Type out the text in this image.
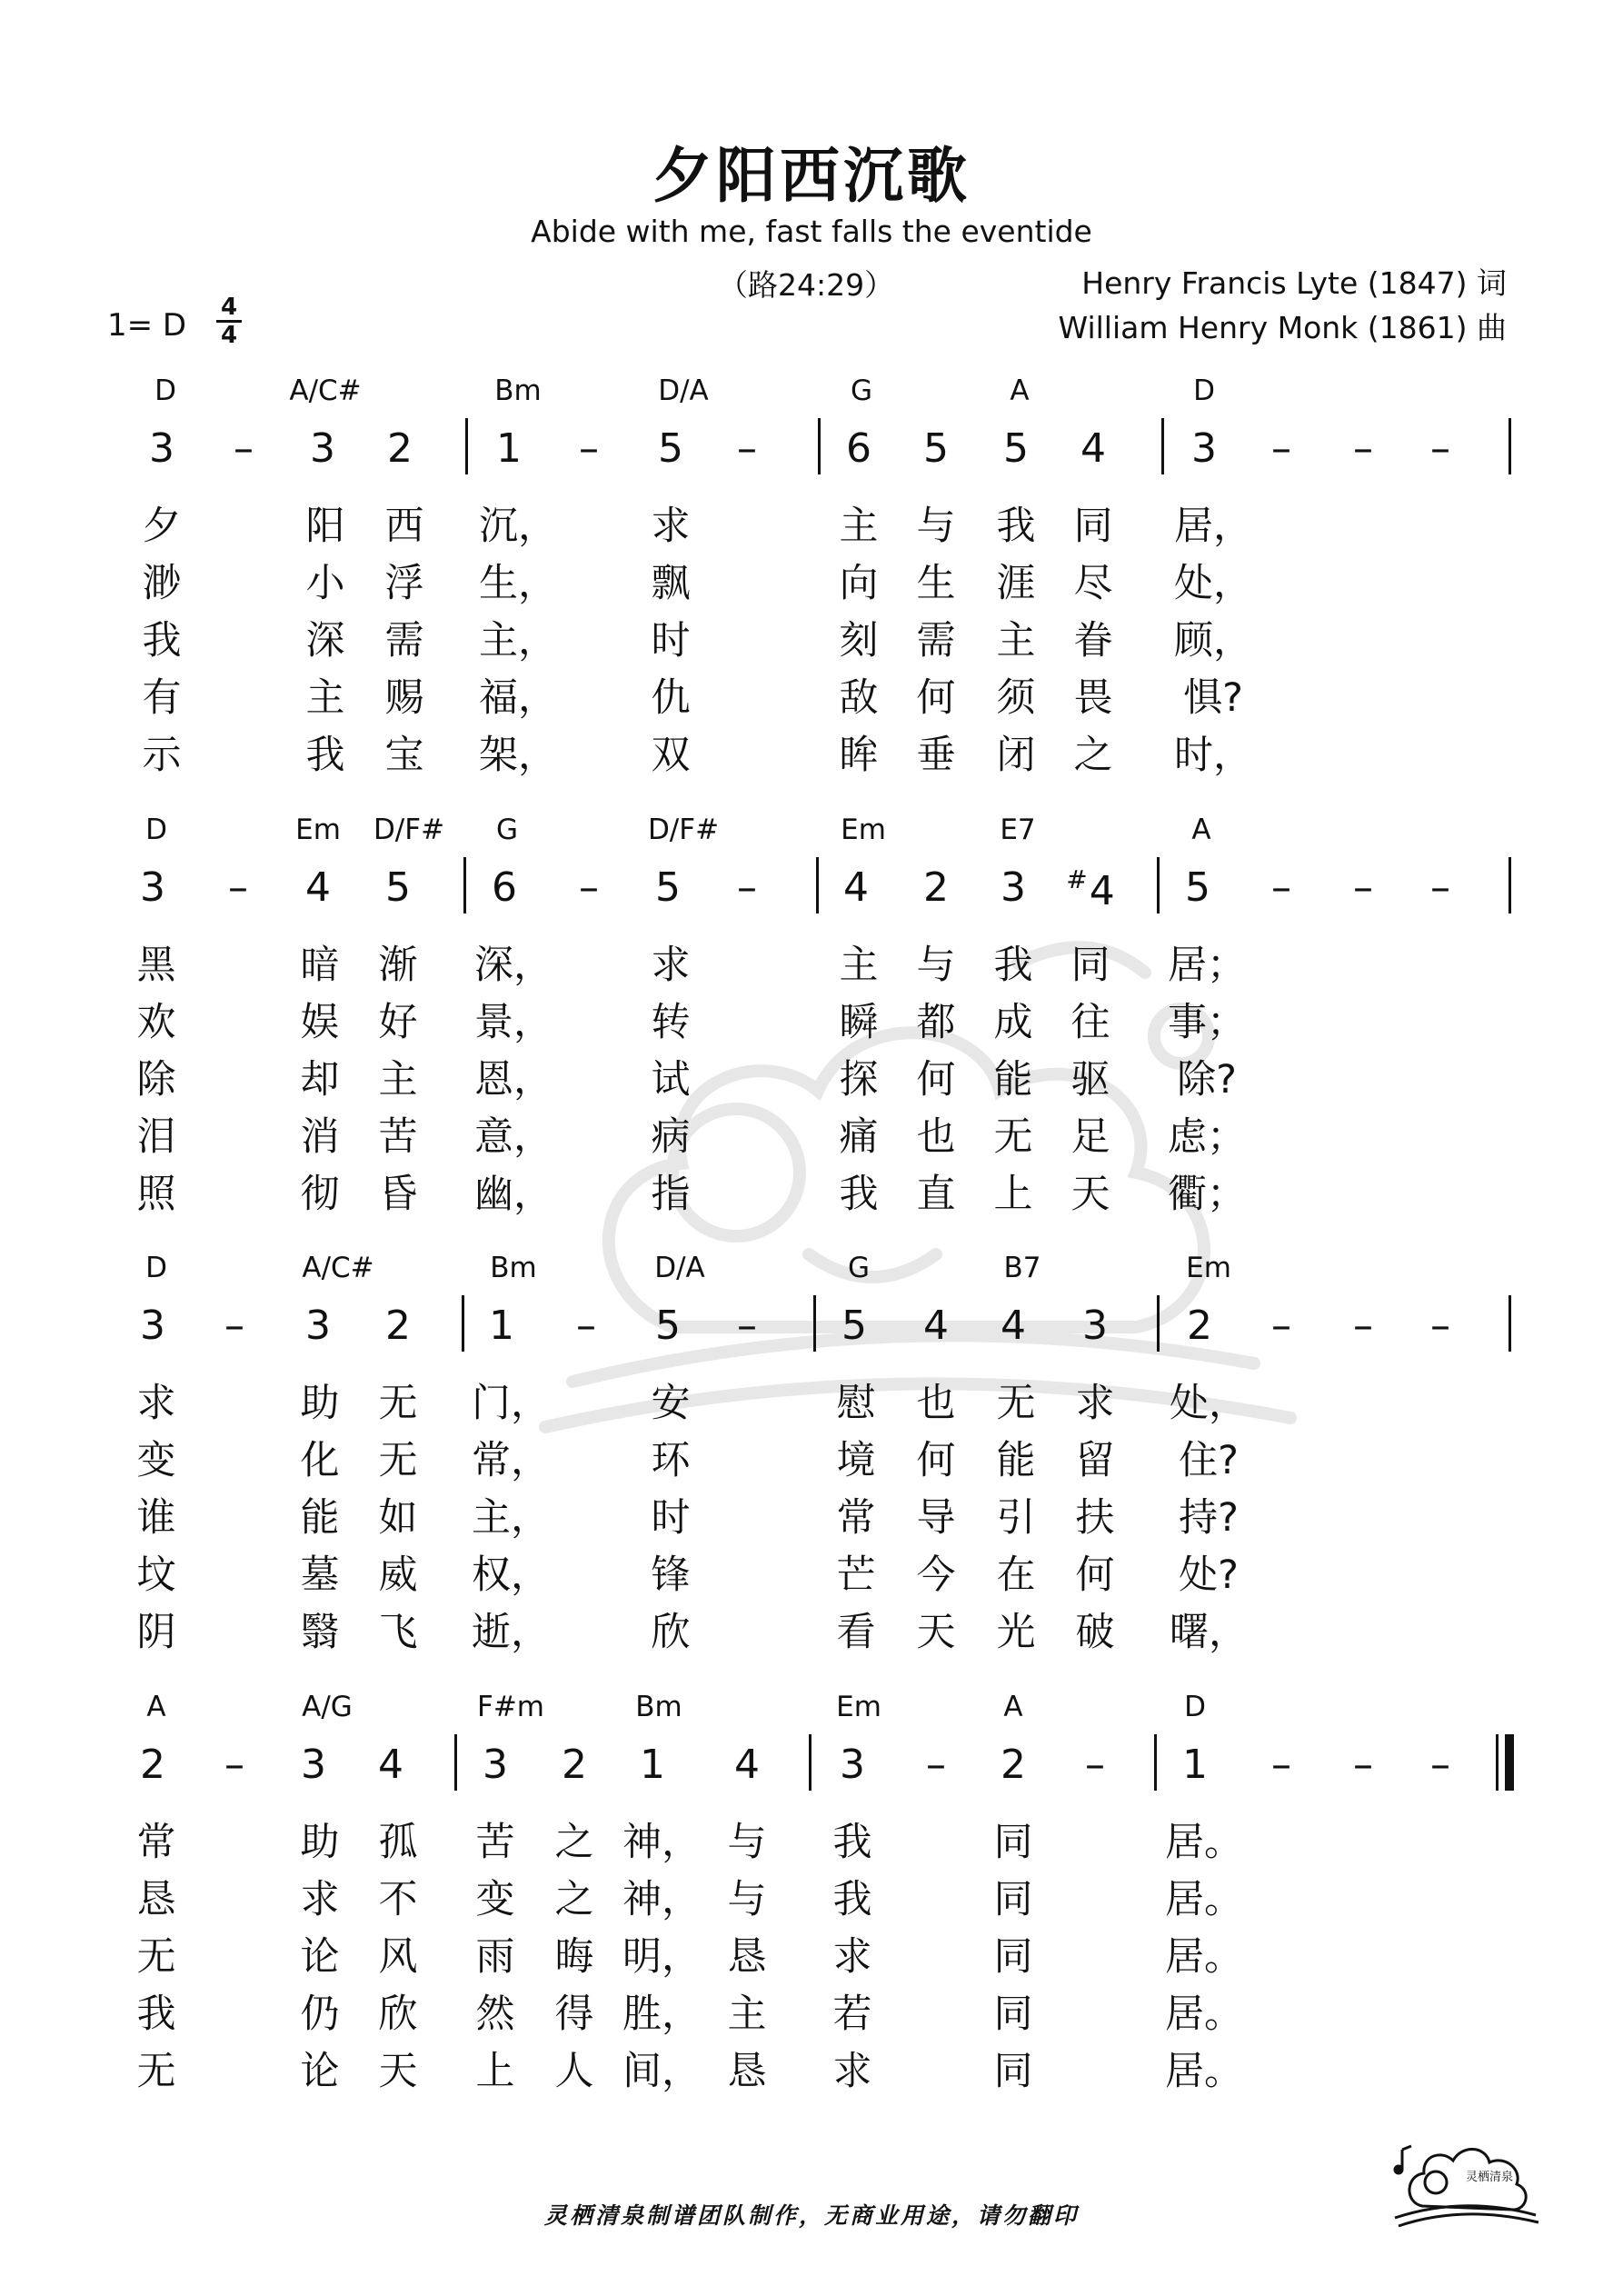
夕阳西沉歌
Abide with me, fast falls the eventide
（路24:29）	Henry Francis Lyte (1847) 词
William Henry Monk (1861) 曲
1= D	4
4
D	A/C#	Bm	D/A	G	A	D
3 – 3 2 1 – 5 – 6 5 5 4 3 – – –
夕	阳 西 沉， 求	主 与 我 同 居，
渺	小 浮 生， 飘	向 生 涯 尽 处，
我	深 需 主， 时	刻 需 主 眷 顾，
有	主 赐 福， 仇	敌 何 须 畏 惧?
示	我 宝 架， 双	眸 垂 闭 之 时，
D	Em D/F# G	D/F#	Em	E7	A
3 – 4 5 6 – 5 – 4 2 3 #4 5 – – –
黑	暗 渐 深，	求	主 与 我 同 居；
欢	娱 好 景，	转	瞬 都 成 往 事；
除	却 主 恩，	试	探 何 能 驱 除?
泪	消 苦 意，	病	痛 也 无 足 虑；
照	彻 昏 幽，	指	我 直 上 天 衢；
D	A/C#	Bm	D/A	G	B7	Em
3 – 3 2 1 – 5 – 5 4 4 3 2 – – –
求	助 无 门，	安	慰 也 无 求 处，
变	化 无 常，	环	境 何 能 留 住?
谁	能 如 主，	时	常 导 引 扶 持?
坟	墓 威 权，	锋	芒 今 在 何 处?
阴	翳 飞 逝，	欣	看 天 光 破 曙，
A	A/G	F#m	Bm	Em	A	D
2 – 3 4 3 2 1 4 3 – 2 – 1 – – –
常	助 孤 苦 之 神， 与 我	同	居。
恳	求 不 变 之 神， 与 我	同	居。
无	论 风 雨 晦 明， 恳 求	同	居。
我	仍 欣 然 得 胜， 主 若	同	居。
无	论 天 上 人 间， 恳 求	同	居。
灵栖清泉制谱团队制作，无商业用途，请勿翻印
灵栖清泉
